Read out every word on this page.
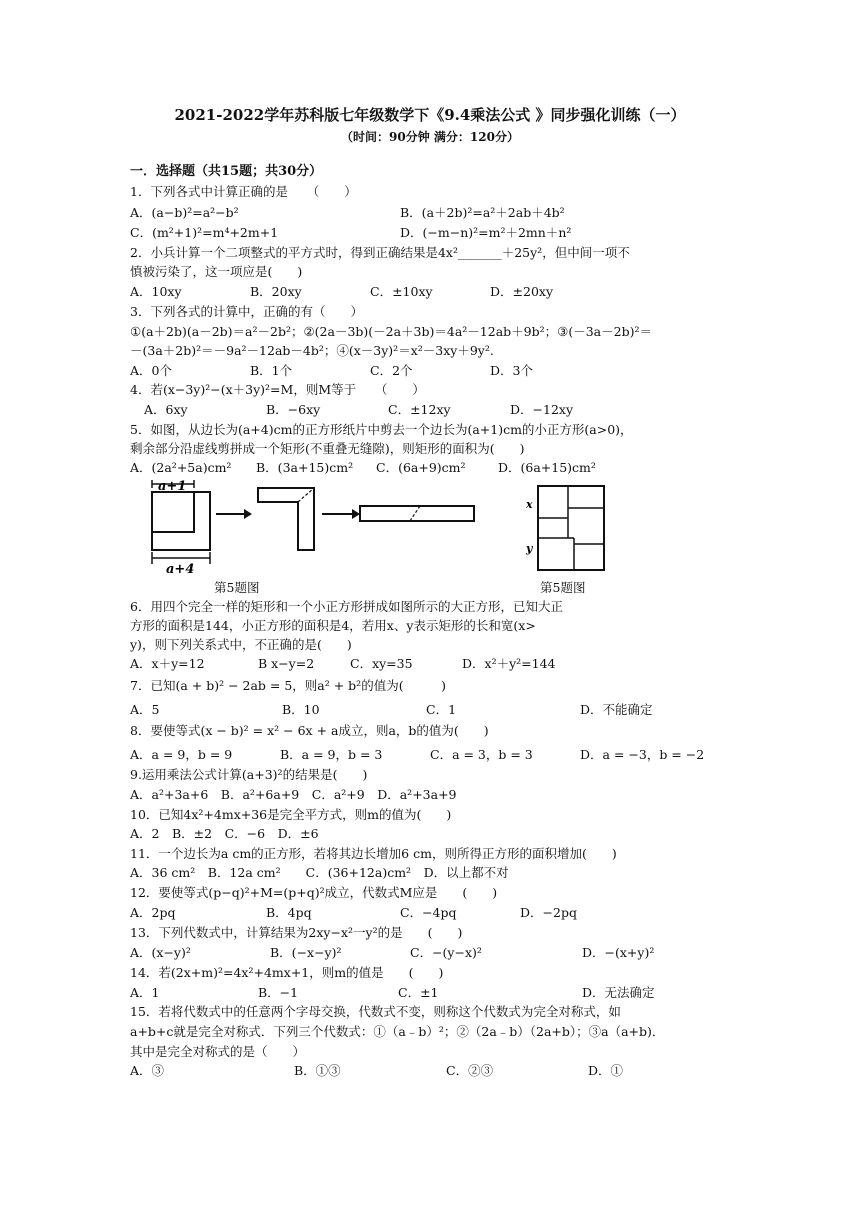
2021-2022学年苏科版七年级数学下《9.4乘法公式 》同步强化训练（一）
（时间：90分钟 满分：120分）
一．选择题（共15题；共30分）
1．下列各式中计算正确的是　　（　　）
A．(a−b)²=a²−b²	B．(a＋2b)²=a²＋2ab＋4b²
C．(m²+1)²=m⁴+2m+1	D．(−m−n)²=m²＋2mn＋n²
2．小兵计算一个二项整式的平方式时，得到正确结果是4x²_______＋25y²，但中间一项不
慎被污染了，这一项应是(　　)
A．10xy	B．20xy	C．±10xy	D．±20xy
3．下列各式的计算中，正确的有（　　）
①(a＋2b)(a－2b)＝a²－2b²；②(2a－3b)(－2a＋3b)＝4a²－12ab＋9b²；③(－3a－2b)²＝
－(3a＋2b)²＝－9a²－12ab－4b²；④(x－3y)²＝x²－3xy＋9y².
A．0个	B．1个	C．2个	D．3个
4．若(x−3y)²−(x＋3y)²=M，则M等于　　（　　）
A．6xy	B．−6xy	C．±12xy	D．−12xy
5．如图，从边长为(a+4)cm的正方形纸片中剪去一个边长为(a+1)cm的小正方形(a>0)，
剩余部分沿虚线剪拼成一个矩形(不重叠无缝隙)，则矩形的面积为(　　)
A．(2a²+5a)cm² B．(3a+15)cm² C．(6a+9)cm²	D．(6a+15)cm²
a+1
a+4
x
y
第5题图	第5题图
6．用四个完全一样的矩形和一个小正方形拼成如图所示的大正方形，已知大正
方形的面积是144，小正方形的面积是4，若用x、y表示矩形的长和宽(x>
y)，则下列关系式中，不正确的是(　　)
A．x＋y=12	B x−y=2	C．xy=35	D．x²＋y²=144
7．已知(a + b)² − 2ab = 5，则a² + b²的值为(　　　)
A．5	B．10	C．1	D．不能确定
8．要使等式(x − b)² = x² − 6x + a成立，则a，b的值为(　　)
A．a = 9，b = 9	B．a = 9，b = 3	C．a = 3，b = 3	D．a = −3，b = −2
9.运用乘法公式计算(a+3)²的结果是(　　)
A．a²+3a+6　B．a²+6a+9　C．a²+9　D．a²+3a+9
10．已知4x²+4mx+36是完全平方式，则m的值为(　　)
A．2　B．±2　C．−6　D．±6
11．一个边长为a cm的正方形，若将其边长增加6 cm，则所得正方形的面积增加(　　)
A．36 cm²　B．12a cm²　　C．(36+12a)cm²　D．以上都不对
12．要使等式(p−q)²+M=(p+q)²成立，代数式M应是　　(　　)
A．2pq	B．4pq	C．−4pq	D．−2pq
13．下列代数式中，计算结果为2xy−x²一y²的是　　(　　)
A．(x−y)²	B．(−x−y)²	C．−(y−x)²	D．−(x+y)²
14．若(2x+m)²=4x²+4mx+1，则m的值是　　(　　)
A．1	B．−1	C．±1	D．无法确定
15．若将代数式中的任意两个字母交换，代数式不变，则称这个代数式为完全对称式，如
a+b+c就是完全对称式．下列三个代数式：①（a﹣b）²；②（2a﹣b）（2a+b）；③a（a+b)．
其中是完全对称式的是（　　）
A．③	B．①③	C．②③	D．①
